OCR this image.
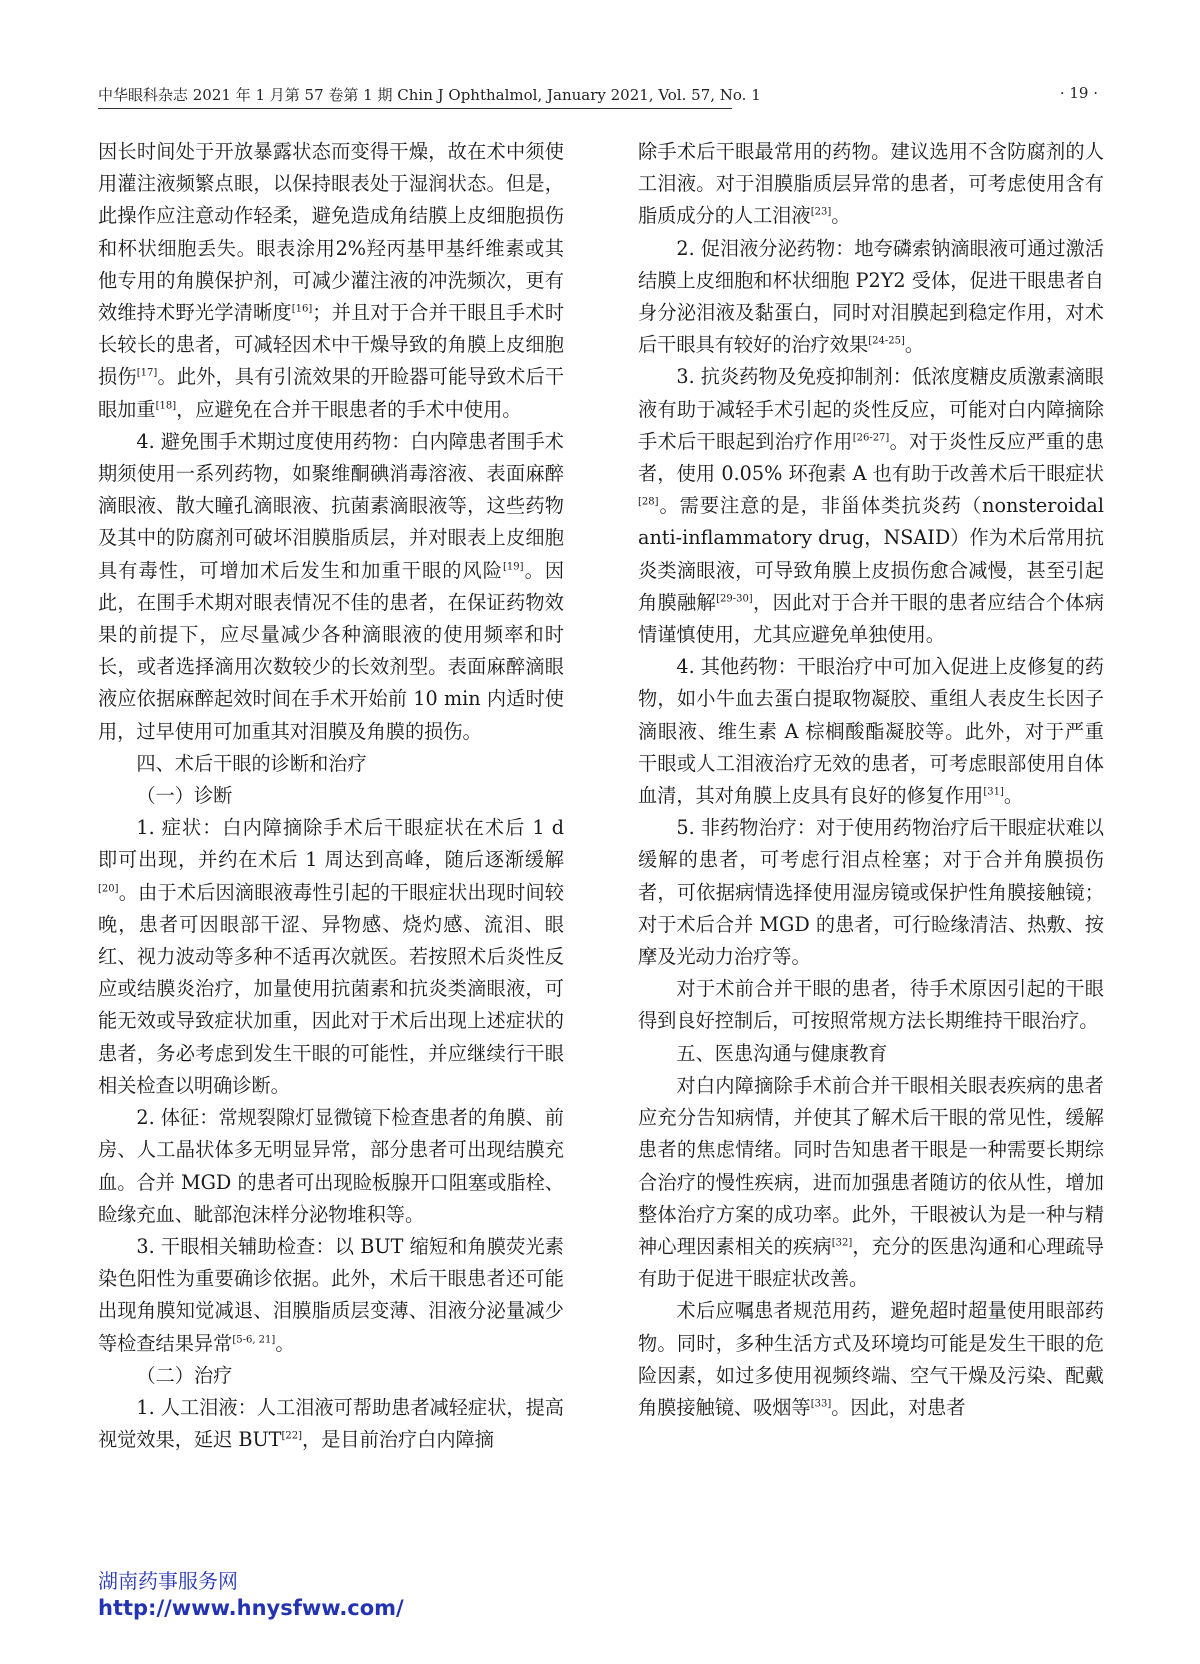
中华眼科杂志 2021 年 1 月第 57 卷第 1 期 Chin J Ophthalmol, January 2021, Vol. 57, No. 1	· 19 ·

因长时间处于开放暴露状态而变得干燥，故在术中须使用灌注液频繁点眼，以保持眼表处于湿润状态。但是，此操作应注意动作轻柔，避免造成角结膜上皮细胞损伤和杯状细胞丢失。眼表涂用2%羟丙基甲基纤维素或其他专用的角膜保护剂，可减少灌注液的冲洗频次，更有效维持术野光学清晰度[16]；并且对于合并干眼且手术时长较长的患者，可减轻因术中干燥导致的角膜上皮细胞损伤[17]。此外，具有引流效果的开睑器可能导致术后干眼加重[18]，应避免在合并干眼患者的手术中使用。

4. 避免围手术期过度使用药物：白内障患者围手术期须使用一系列药物，如聚维酮碘消毒溶液、表面麻醉滴眼液、散大瞳孔滴眼液、抗菌素滴眼液等，这些药物及其中的防腐剂可破坏泪膜脂质层，并对眼表上皮细胞具有毒性，可增加术后发生和加重干眼的风险[19]。因此，在围手术期对眼表情况不佳的患者，在保证药物效果的前提下，应尽量减少各种滴眼液的使用频率和时长，或者选择滴用次数较少的长效剂型。表面麻醉滴眼液应依据麻醉起效时间在手术开始前 10 min 内适时使用，过早使用可加重其对泪膜及角膜的损伤。

四、术后干眼的诊断和治疗

（一）诊断

1. 症状：白内障摘除手术后干眼症状在术后 1 d 即可出现，并约在术后 1 周达到高峰，随后逐渐缓解[20]。由于术后因滴眼液毒性引起的干眼症状出现时间较晚，患者可因眼部干涩、异物感、烧灼感、流泪、眼红、视力波动等多种不适再次就医。若按照术后炎性反应或结膜炎治疗，加量使用抗菌素和抗炎类滴眼液，可能无效或导致症状加重，因此对于术后出现上述症状的患者，务必考虑到发生干眼的可能性，并应继续行干眼相关检查以明确诊断。

2. 体征：常规裂隙灯显微镜下检查患者的角膜、前房、人工晶状体多无明显异常，部分患者可出现结膜充血。合并 MGD 的患者可出现睑板腺开口阻塞或脂栓、睑缘充血、眦部泡沫样分泌物堆积等。

3. 干眼相关辅助检查：以 BUT 缩短和角膜荧光素染色阳性为重要确诊依据。此外，术后干眼患者还可能出现角膜知觉减退、泪膜脂质层变薄、泪液分泌量减少等检查结果异常[5-6, 21]。

（二）治疗

1. 人工泪液：人工泪液可帮助患者减轻症状，提高视觉效果，延迟 BUT[22]，是目前治疗白内障摘

除手术后干眼最常用的药物。建议选用不含防腐剂的人工泪液。对于泪膜脂质层异常的患者，可考虑使用含有脂质成分的人工泪液[23]。

2. 促泪液分泌药物：地夸磷索钠滴眼液可通过激活结膜上皮细胞和杯状细胞 P2Y2 受体，促进干眼患者自身分泌泪液及黏蛋白，同时对泪膜起到稳定作用，对术后干眼具有较好的治疗效果[24-25]。

3. 抗炎药物及免疫抑制剂：低浓度糖皮质激素滴眼液有助于减轻手术引起的炎性反应，可能对白内障摘除手术后干眼起到治疗作用[26-27]。对于炎性反应严重的患者，使用 0.05% 环孢素 A 也有助于改善术后干眼症状[28]。需要注意的是，非甾体类抗炎药（nonsteroidal anti-inflammatory drug，NSAID）作为术后常用抗炎类滴眼液，可导致角膜上皮损伤愈合减慢，甚至引起角膜融解[29-30]，因此对于合并干眼的患者应结合个体病情谨慎使用，尤其应避免单独使用。

4. 其他药物：干眼治疗中可加入促进上皮修复的药物，如小牛血去蛋白提取物凝胶、重组人表皮生长因子滴眼液、维生素 A 棕榈酸酯凝胶等。此外，对于严重干眼或人工泪液治疗无效的患者，可考虑眼部使用自体血清，其对角膜上皮具有良好的修复作用[31]。

5. 非药物治疗：对于使用药物治疗后干眼症状难以缓解的患者，可考虑行泪点栓塞；对于合并角膜损伤者，可依据病情选择使用湿房镜或保护性角膜接触镜；对于术后合并 MGD 的患者，可行睑缘清洁、热敷、按摩及光动力治疗等。

对于术前合并干眼的患者，待手术原因引起的干眼得到良好控制后，可按照常规方法长期维持干眼治疗。

五、医患沟通与健康教育

对白内障摘除手术前合并干眼相关眼表疾病的患者应充分告知病情，并使其了解术后干眼的常见性，缓解患者的焦虑情绪。同时告知患者干眼是一种需要长期综合治疗的慢性疾病，进而加强患者随访的依从性，增加整体治疗方案的成功率。此外，干眼被认为是一种与精神心理因素相关的疾病[32]，充分的医患沟通和心理疏导有助于促进干眼症状改善。

术后应嘱患者规范用药，避免超时超量使用眼部药物。同时，多种生活方式及环境均可能是发生干眼的危险因素，如过多使用视频终端、空气干燥及污染、配戴角膜接触镜、吸烟等[33]。因此，对患者

湖南药事服务网
http://www.hnysfww.com/
